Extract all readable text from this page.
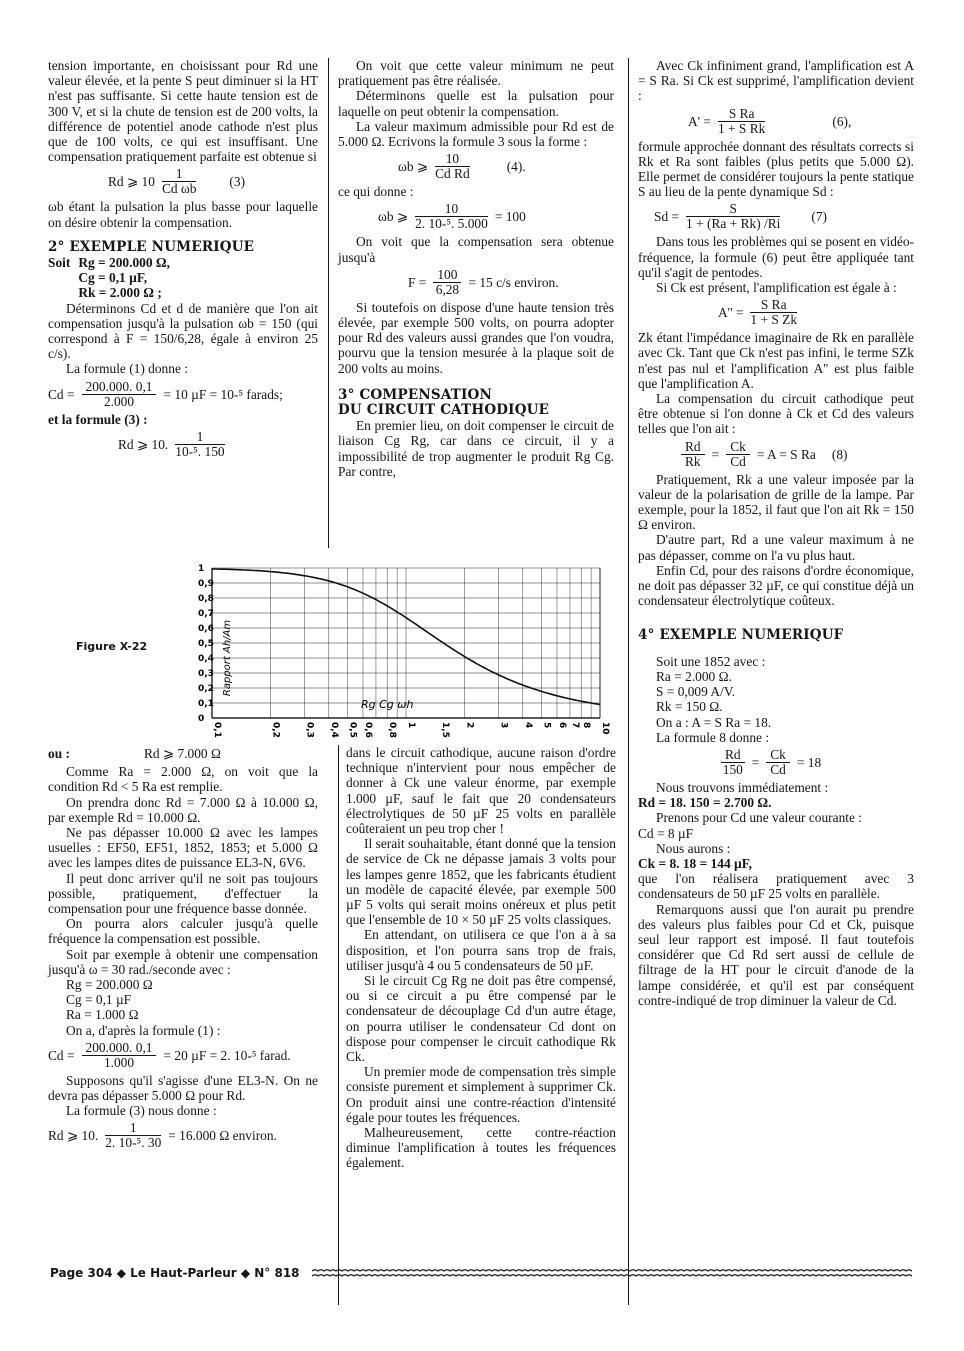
tension importante, en choisissant pour Rd une valeur élevée, et la pente S peut diminuer si la HT n'est pas suffisante. Si cette haute tension est de 300 V, et si la chute de tension est de 200 volts, la différence de potentiel anode cathode n'est plus que de 100 volts, ce qui est insuffisant. Une compensation pratiquement parfaite est obtenue si

Rd ⩾ $10 \frac{1}{\text{Cd ωb}} (3)$

ωb étant la pulsation la plus basse pour laquelle on désire obtenir la compensation.

2° EXEMPLE NUMERIQUE

Soit Rg = 200.000 Ω,
Cg = 0,1 µF,
Rk = 2.000 Ω ;

Déterminons Cd et d de manière que l'on ait compensation jusqu'à la pulsation ωb = 150 (qui correspond à F = 150/6,28, égale à environ 25 c/s).

La formule (1) donne :

$Cd = \frac{200.000. 0,1}{2.000} = 10$ µF = 10-⁵ farads;

et la formule (3) :

Rd ⩾ 10. $\frac{1}{\text{10-⁵. 150}}$

On voit que cette valeur minimum ne peut pratiquement pas être réalisée.

Déterminons quelle est la pulsation pour laquelle on peut obtenir la compensation.

La valeur maximum admissible pour Rd est de 5.000 Ω. Ecrivons la formule 3 sous la forme :

ωb ⩾ $\frac{10}{\text{Cd Rd}}$	(4).

ce qui donne :

ωb ⩾ $\frac{10}{\text{2. 10-⁵. 5.000}} = 100$

On voit que la compensation sera obtenue jusqu'à

$F = \frac{100}{6,28} = 15$ c/s environ.

Si toutefois on dispose d'une haute tension très élevée, par exemple 500 volts, on pourra adopter pour Rd des valeurs aussi grandes que l'on voudra, pourvu que la tension mesurée à la plaque soit de 200 volts au moins.

3° COMPENSATION

DU CIRCUIT CATHODIQUE

En premier lieu, on doit compenser le circuit de liaison Cg Rg, car dans ce circuit, il y a impossibilité de trop augmenter le produit Rg Cg. Par contre,

Avec Ck infiniment grand, l'amplification est A = S Ra. Si Ck est supprimé, l'amplification devient :

$A' = \frac{\text{S Ra}}{\text{1 + S Rk}}$	(6),

formule approchée donnant des résultats corrects si Rk et Ra sont faibles (plus petits que 5.000 Ω). Elle permet de considérer toujours la pente statique S au lieu de la pente dynamique Sd :

$Sd = \frac{S}{1 + (Ra + Rk) /Ri} (7)$

Dans tous les problèmes qui se posent en vidéo-fréquence, la formule (6) peut être appliquée tant qu'il s'agit de pentodes.

Si Ck est présent, l'amplification est égale à :

$A'' = \frac{\text{S Ra}}{\text{1 + S Zk}}$

Zk étant l'impédance imaginaire de Rk en parallèle avec Ck. Tant que Ck n'est pas infini, le terme SZk n'est pas nul et l'amplification A'' est plus faible que l'amplification A.

La compensation du circuit cathodique peut être obtenue si l'on donne à Ck et Cd des valeurs telles que l'on ait :

$\frac{Rd}{Rk} = \frac{Ck}{Cd} = A = S$ Ra (8)

Pratiquement, Rk a une valeur imposée par la valeur de la polarisation de grille de la lampe. Par exemple, pour la 1852, il faut que l'on ait Rk = 150 Ω environ.

D'autre part, Rd a une valeur maximum à ne pas dépasser, comme on l'a vu plus haut.

Enfin Cd, pour des raisons d'ordre économique, ne doit pas dépasser 32 µF, ce qui constitue déjà un condensateur électrolytique coûteux.

4° EXEMPLE NUMERIQUF

Soit une 1852 avec :

Ra = 2.000 Ω.
S = 0,009 A/V.
Rk = 150 Ω.
On a : A = S Ra = 18.
La formule 8 donne :
$\frac{Rd}{150} = \frac{Ck}{Cd} = 18$

Nous trouvons immédiatement :

Rd = 18. 150 = 2.700 Ω.

Prenons pour Cd une valeur courante :

Cd = 8 µF

Nous aurons :

Ck = 8. 18 = 144 µF,

que l'on réalisera pratiquement avec 3 condensateurs de 50 µF 25 volts en parallèle.

Remarquons aussi que l'on aurait pu prendre des valeurs plus faibles pour Cd et Ck, puisque seul leur rapport est imposé. Il faut toutefois considérer que Cd Rd sert aussi de cellule de filtrage de la HT pour le circuit d'anode de la lampe considérée, et qu'il est par conséquent contre-indiqué de trop diminuer la valeur de Cd.

Figure X-22	Rapport Ah/Am
Rg Cg ωh
0
0,1
0,2
0,3
0,4
0,5
0,6
0,7
0,8
0,9
1
0,1	0,2	0,3 0,4 0,5 0,6 0,8 1	1,5 2	3 4 5 6 7 8 10
ou :	Rd ⩾ 7.000 Ω

Comme Ra = 2.000 Ω, on voit que la condition Rd < 5 Ra est remplie.

On prendra donc Rd = 7.000 Ω à 10.000 Ω, par exemple Rd = 10.000 Ω.

Ne pas dépasser 10.000 Ω avec les lampes usuelles : EF50, EF51, 1852, 1853; et 5.000 Ω avec les lampes dites de puissance EL3-N, 6V6.

Il peut donc arriver qu'il ne soit pas toujours possible, pratiquement, d'effectuer la compensation pour une fréquence basse donnée.

On pourra alors calculer jusqu'à quelle fréquence la compensation est possible.

Soit par exemple à obtenir une compensation jusqu'à ω = 30 rad./seconde avec :

Rg = 200.000 Ω
Cg = 0,1 µF
Ra = 1.000 Ω

On a, d'après la formule (1) :

$Cd = \frac{200.000. 0,1}{1.000} = 20$ µF = 2. 10-⁵ farad.

Supposons qu'il s'agisse d'une EL3-N. On ne devra pas dépasser 5.000 Ω pour Rd.

La formule (3) nous donne :

Rd ⩾ 10. $\frac{1}{\text{2. 10-⁵. 30}} = 16.000$ Ω environ.

dans le circuit cathodique, aucune raison d'ordre technique n'intervient pour nous empêcher de donner à Ck une valeur énorme, par exemple 1.000 µF, sauf le fait que 20 condensateurs électrolytiques de 50 µF 25 volts en parallèle coûteraient un peu trop cher !

Il serait souhaitable, étant donné que la tension de service de Ck ne dépasse jamais 3 volts pour les lampes genre 1852, que les fabricants étudient un modèle de capacité élevée, par exemple 500 µF 5 volts qui serait moins onéreux et plus petit que l'ensemble de 10 × 50 µF 25 volts classiques.

En attendant, on utilisera ce que l'on a à sa disposition, et l'on pourra sans trop de frais, utiliser jusqu'à 4 ou 5 condensateurs de 50 µF.

Si le circuit Cg Rg ne doit pas être compensé, ou si ce circuit a pu être compensé par le condensateur de découplage Cd d'un autre étage, on pourra utiliser le condensateur Cd dont on dispose pour compenser le circuit cathodique Rk Ck.

Un premier mode de compensation très simple consiste purement et simplement à supprimer Ck. On produit ainsi une contre-réaction d'intensité égale pour toutes les fréquences.

Malheureusement, cette contre-réaction diminue l'amplification à toutes les fréquences également.

Page 304 ◆ Le Haut-Parleur ◆ N° 818
